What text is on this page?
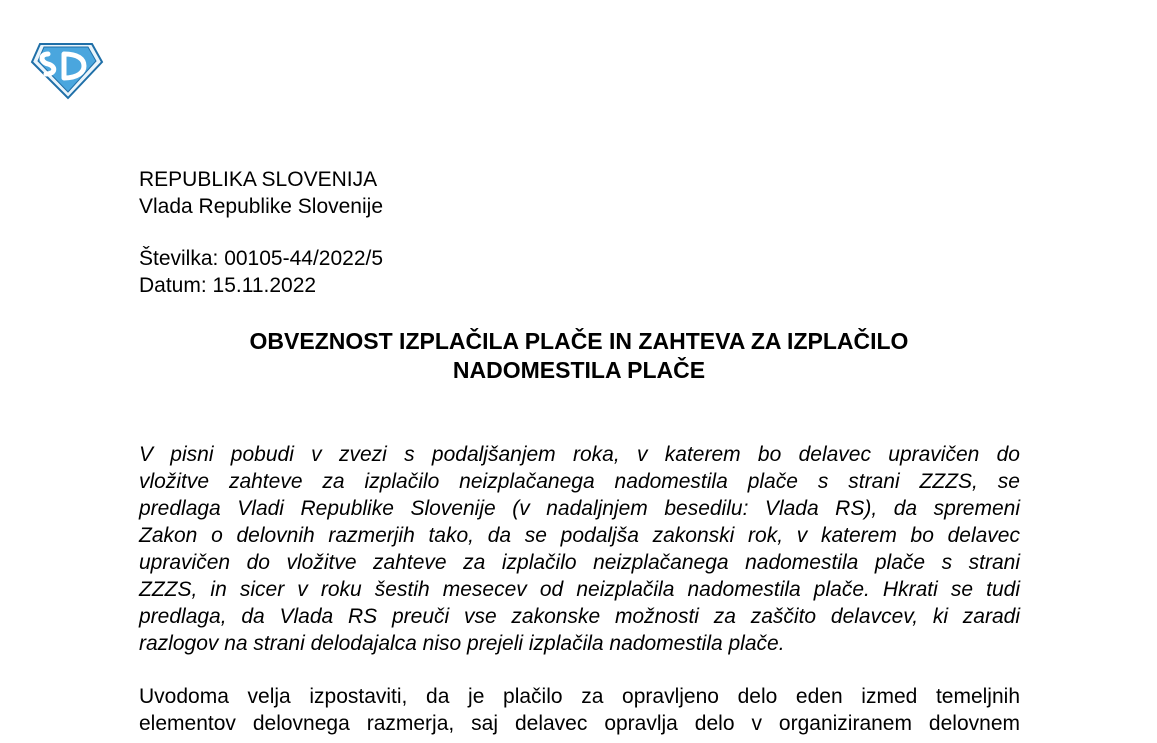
REPUBLIKA SLOVENIJA
Vlada Republike Slovenije
Številka: 00105-44/2022/5
Datum: 15.11.2022
OBVEZNOST IZPLAČILA PLAČE IN ZAHTEVA ZA IZPLAČILO
NADOMESTILA PLAČE
V pisni pobudi v zvezi s podaljšanjem roka, v katerem bo delavec upravičen do
vložitve zahteve za izplačilo neizplačanega nadomestila plače s strani ZZZS, se
predlaga Vladi Republike Slovenije (v nadaljnjem besedilu: Vlada RS), da spremeni
Zakon o delovnih razmerjih tako, da se podaljša zakonski rok, v katerem bo delavec
upravičen do vložitve zahteve za izplačilo neizplačanega nadomestila plače s strani
ZZZS, in sicer v roku šestih mesecev od neizplačila nadomestila plače. Hkrati se tudi
predlaga, da Vlada RS preuči vse zakonske možnosti za zaščito delavcev, ki zaradi
razlogov na strani delodajalca niso prejeli izplačila nadomestila plače.
Uvodoma velja izpostaviti, da je plačilo za opravljeno delo eden izmed temeljnih
elementov delovnega razmerja, saj delavec opravlja delo v organiziranem delovnem
